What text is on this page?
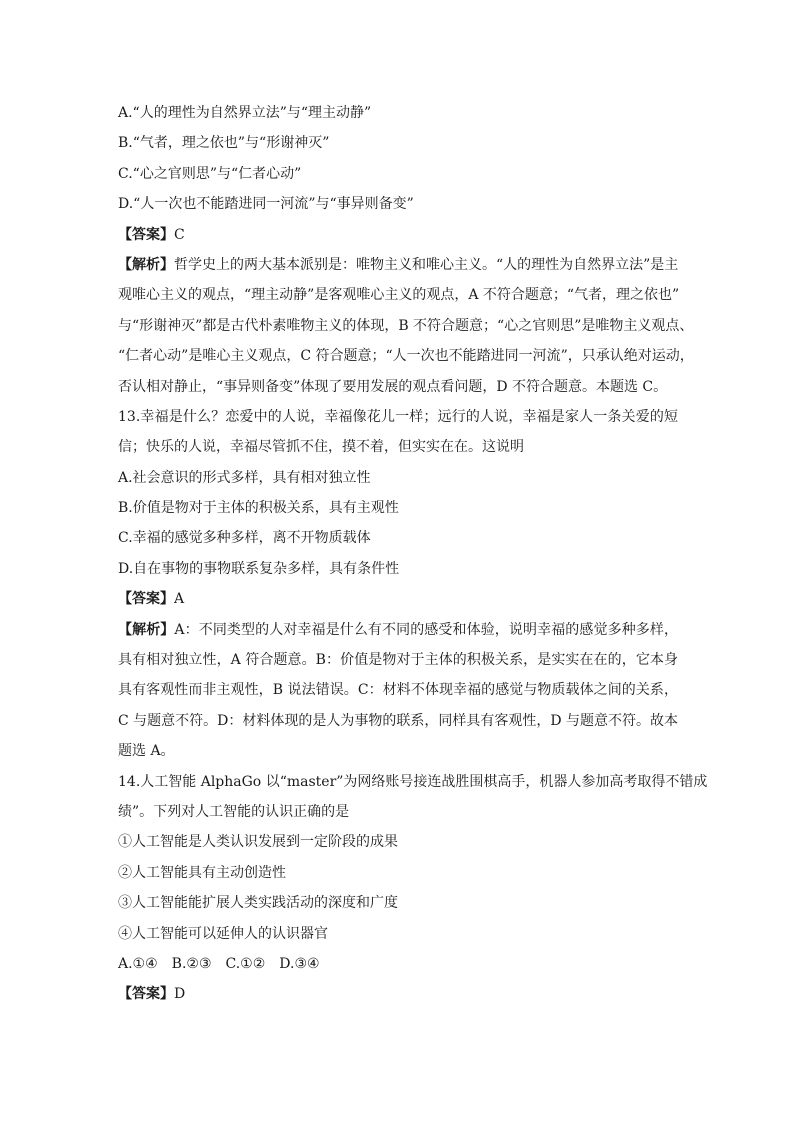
A.“人的理性为自然界立法”与“理主动静”
B.“气者，理之依也”与“形谢神灭”
C.“心之官则思”与“仁者心动”
D.“人一次也不能踏进同一河流”与“事异则备变”
【答案】C
【解析】哲学史上的两大基本派别是：唯物主义和唯心主义。“人的理性为自然界立法”是主
观唯心主义的观点，“理主动静”是客观唯心主义的观点，A 不符合题意；“气者，理之依也”
与“形谢神灭”都是古代朴素唯物主义的体现，B 不符合题意；“心之官则思”是唯物主义观点、
“仁者心动”是唯心主义观点，C 符合题意；“人一次也不能踏进同一河流”，只承认绝对运动，
否认相对静止，“事异则备变”体现了要用发展的观点看问题，D 不符合题意。本题选 C。
13.幸福是什么？恋爱中的人说，幸福像花儿一样；远行的人说，幸福是家人一条关爱的短
信；快乐的人说，幸福尽管抓不住，摸不着，但实实在在。这说明
A.社会意识的形式多样，具有相对独立性
B.价值是物对于主体的积极关系，具有主观性
C.幸福的感觉多种多样，离不开物质载体
D.自在事物的事物联系复杂多样，具有条件性
【答案】A
【解析】A：不同类型的人对幸福是什么有不同的感受和体验，说明幸福的感觉多种多样，
具有相对独立性，A 符合题意。B：价值是物对于主体的积极关系，是实实在在的，它本身
具有客观性而非主观性，B 说法错误。C：材料不体现幸福的感觉与物质载体之间的关系，
C 与题意不符。D：材料体现的是人为事物的联系，同样具有客观性，D 与题意不符。故本
题选 A。
14.人工智能 AlphaGo 以“master”为网络账号接连战胜围棋高手，机器人参加高考取得不错成
绩”。下列对人工智能的认识正确的是
①人工智能是人类认识发展到一定阶段的成果
②人工智能具有主动创造性
③人工智能能扩展人类实践活动的深度和广度
④人工智能可以延伸人的认识器官
A.①④　B.②③　C.①②　D.③④
【答案】D
